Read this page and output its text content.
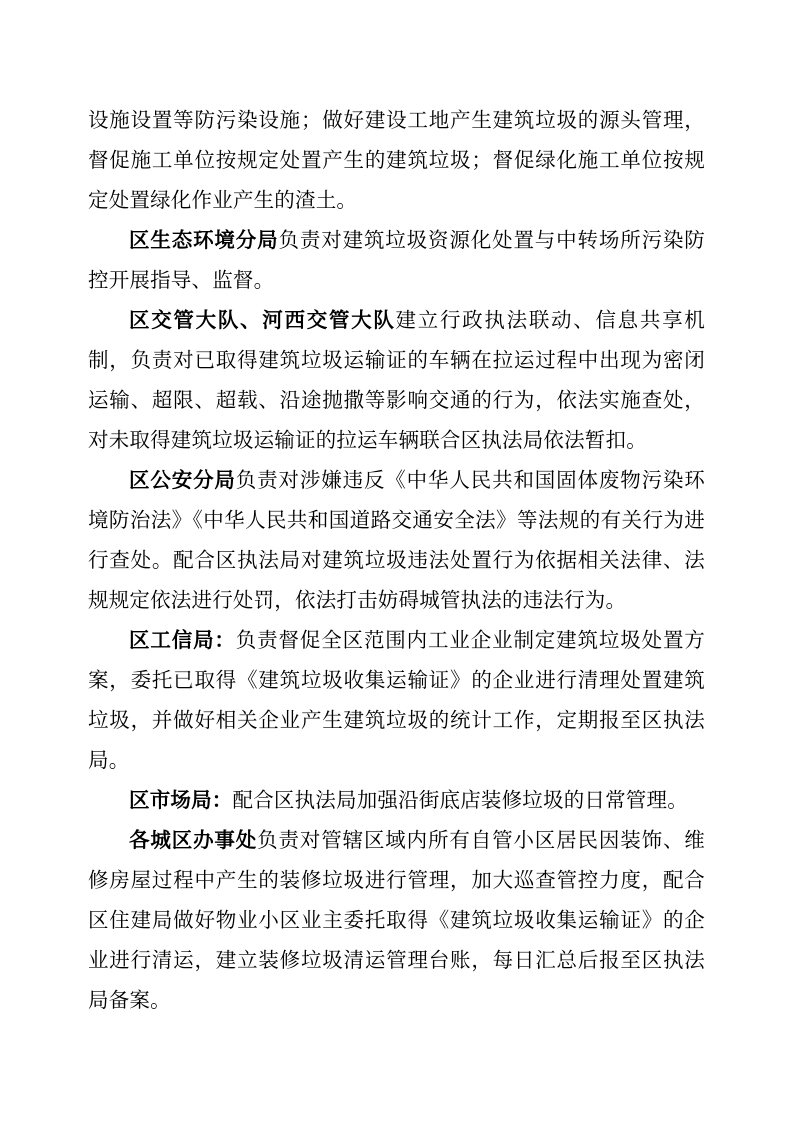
设施设置等防污染设施；做好建设工地产生建筑垃圾的源头管理，督促施工单位按规定处置产生的建筑垃圾；督促绿化施工单位按规定处置绿化作业产生的渣土。

区生态环境分局负责对建筑垃圾资源化处置与中转场所污染防控开展指导、监督。

区交管大队、河西交管大队建立行政执法联动、信息共享机制，负责对已取得建筑垃圾运输证的车辆在拉运过程中出现为密闭运输、超限、超载、沿途抛撒等影响交通的行为，依法实施查处，对未取得建筑垃圾运输证的拉运车辆联合区执法局依法暂扣。

区公安分局负责对涉嫌违反《中华人民共和国固体废物污染环境防治法》《中华人民共和国道路交通安全法》等法规的有关行为进行查处。配合区执法局对建筑垃圾违法处置行为依据相关法律、法规规定依法进行处罚，依法打击妨碍城管执法的违法行为。

区工信局：负责督促全区范围内工业企业制定建筑垃圾处置方案，委托已取得《建筑垃圾收集运输证》的企业进行清理处置建筑垃圾，并做好相关企业产生建筑垃圾的统计工作，定期报至区执法局。

区市场局：配合区执法局加强沿街底店装修垃圾的日常管理。

各城区办事处负责对管辖区域内所有自管小区居民因装饰、维修房屋过程中产生的装修垃圾进行管理，加大巡查管控力度，配合区住建局做好物业小区业主委托取得《建筑垃圾收集运输证》的企业进行清运，建立装修垃圾清运管理台账，每日汇总后报至区执法局备案。
